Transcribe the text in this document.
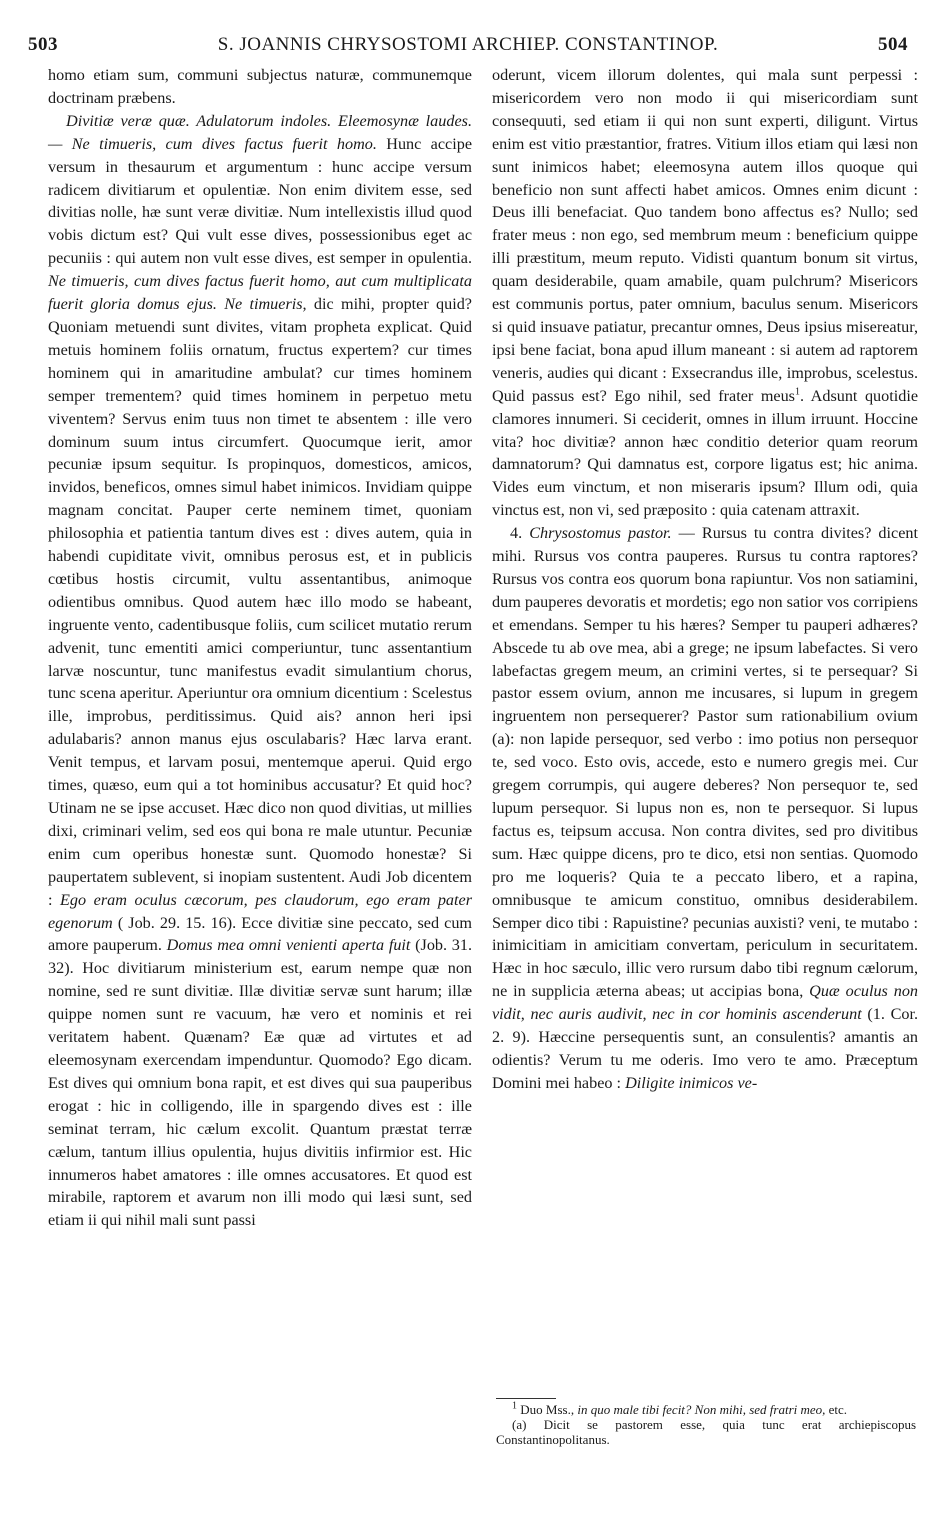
503	S. JOANNIS CHRYSOSTOMI ARCHIEP. CONSTANTINOP.	504

homo etiam sum, communi subjectus naturæ, communemque doctrinam præbens.

Divitiæ veræ quæ. Adulatorum indoles. Eleemosynæ laudes. — Ne timueris, cum dives factus fuerit homo. Hunc accipe versum in thesaurum et argumentum : hunc accipe versum radicem divitiarum et opulentiæ. Non enim divitem esse, sed divitias nolle, hæ sunt veræ divitiæ. Num intellexistis illud quod vobis dictum est? Qui vult esse dives, possessionibus eget ac pecuniis : qui autem non vult esse dives, est semper in opulentia. Ne timueris, cum dives factus fuerit homo, aut cum multiplicata fuerit gloria domus ejus. Ne timueris, dic mihi, propter quid? Quoniam metuendi sunt divites, vitam propheta explicat. Quid metuis hominem foliis ornatum, fructus expertem? cur times hominem qui in amaritudine ambulat? cur times hominem semper trementem? quid times hominem in perpetuo metu viventem? Servus enim tuus non timet te absentem : ille vero dominum suum intus circumfert. Quocumque ierit, amor pecuniæ ipsum sequitur. Is propinquos, domesticos, amicos, invidos, beneficos, omnes simul habet inimicos. Invidiam quippe magnam concitat. Pauper certe neminem timet, quoniam philosophia et patientia tantum dives est : dives autem, quia in habendi cupiditate vivit, omnibus perosus est, et in publicis cœtibus hostis circumit, vultu assentantibus, animoque odientibus omnibus. Quod autem hæc illo modo se habeant, ingruente vento, cadentibusque foliis, cum scilicet mutatio rerum advenit, tunc ementiti amici comperiuntur, tunc assentantium larvæ noscuntur, tunc manifestus evadit simulantium chorus, tunc scena aperitur. Aperiuntur ora omnium dicentium : Scelestus ille, improbus, perditissimus. Quid ais? annon heri ipsi adulabaris? annon manus ejus osculabaris? Hæc larva erant. Venit tempus, et larvam posui, mentemque aperui. Quid ergo times, quæso, eum qui a tot hominibus accusatur? Et quid hoc? Utinam ne se ipse accuset. Hæc dico non quod divitias, ut millies dixi, criminari velim, sed eos qui bona re male utuntur. Pecuniæ enim cum operibus honestæ sunt. Quomodo honestæ? Si paupertatem sublevent, si inopiam sustentent. Audi Job dicentem : Ego eram oculus cæcorum, pes claudorum, ego eram pater egenorum ( Job. 29. 15. 16). Ecce divitiæ sine peccato, sed cum amore pauperum. Domus mea omni venienti aperta fuit (Job. 31. 32). Hoc divitiarum ministerium est, earum nempe quæ non nomine, sed re sunt divitiæ. Illæ divitiæ servæ sunt harum; illæ quippe nomen sunt re vacuum, hæ vero et nominis et rei veritatem habent. Quænam? Eæ quæ ad virtutes et ad eleemosynam exercendam impenduntur. Quomodo? Ego dicam. Est dives qui omnium bona rapit, et est dives qui sua pauperibus erogat : hic in colligendo, ille in spargendo dives est : ille seminat terram, hic cælum excolit. Quantum præstat terræ cælum, tantum illius opulentia, hujus divitiis infirmior est. Hic innumeros habet amatores : ille omnes accusatores. Et quod est mirabile, raptorem et avarum non illi modo qui læsi sunt, sed etiam ii qui nihil mali sunt passi

oderunt, vicem illorum dolentes, qui mala sunt perpessi : misericordem vero non modo ii qui misericordiam sunt consequuti, sed etiam ii qui non sunt experti, diligunt. Virtus enim est vitio præstantior, fratres. Vitium illos etiam qui læsi non sunt inimicos habet; eleemosyna autem illos quoque qui beneficio non sunt affecti habet amicos. Omnes enim dicunt : Deus illi benefaciat. Quo tandem bono affectus es? Nullo; sed frater meus : non ego, sed membrum meum : beneficium quippe illi præstitum, meum reputo. Vidisti quantum bonum sit virtus, quam desiderabile, quam amabile, quam pulchrum? Misericors est communis portus, pater omnium, baculus senum. Misericors si quid insuave patiatur, precantur omnes, Deus ipsius misereatur, ipsi bene faciat, bona apud illum maneant : si autem ad raptorem veneris, audies qui dicant : Exsecrandus ille, improbus, scelestus. Quid passus est? Ego nihil, sed frater meus$^1$. Adsunt quotidie clamores innumeri. Si ceciderit, omnes in illum irruunt. Hoccine vita? hoc divitiæ? annon hæc conditio deterior quam reorum damnatorum? Qui damnatus est, corpore ligatus est; hic anima. Vides eum vinctum, et non miseraris ipsum? Illum odi, quia vinctus est, non vi, sed præposito : quia catenam attraxit.

4. Chrysostomus pastor. — Rursus tu contra divites? dicent mihi. Rursus vos contra pauperes. Rursus tu contra raptores? Rursus vos contra eos quorum bona rapiuntur. Vos non satiamini, dum pauperes devoratis et mordetis; ego non satior vos corripiens et emendans. Semper tu his hæres? Semper tu pauperi adhæres? Abscede tu ab ove mea, abi a grege; ne ipsum labefactes. Si vero labefactas gregem meum, an crimini vertes, si te persequar? Si pastor essem ovium, annon me incusares, si lupum in gregem ingruentem non persequerer? Pastor sum rationabilium ovium (a): non lapide persequor, sed verbo : imo potius non persequor te, sed voco. Esto ovis, accede, esto e numero gregis mei. Cur gregem corrumpis, qui augere deberes? Non persequor te, sed lupum persequor. Si lupus non es, non te persequor. Si lupus factus es, teipsum accusa. Non contra divites, sed pro divitibus sum. Hæc quippe dicens, pro te dico, etsi non sentias. Quomodo pro me loqueris? Quia te a peccato libero, et a rapina, omnibusque te amicum constituo, omnibus desiderabilem. Semper dico tibi : Rapuistine? pecunias auxisti? veni, te mutabo : inimicitiam in amicitiam convertam, periculum in securitatem. Hæc in hoc sæculo, illic vero rursum dabo tibi regnum cælorum, ne in supplicia æterna abeas; ut accipias bona, Quæ oculus non vidit, nec auris audivit, nec in cor hominis ascenderunt (1. Cor. 2. 9). Hæccine persequentis sunt, an consulentis? amantis an odientis? Verum tu me oderis. Imo vero te amo. Præceptum Domini mei habeo : Diligite inimicos ve-

$^1$ Duo Mss., in quo male tibi fecit? Non mihi, sed fratri meo, etc.

(a) Dicit se pastorem esse, quia tunc erat archiepiscopus Constantinopolitanus.
